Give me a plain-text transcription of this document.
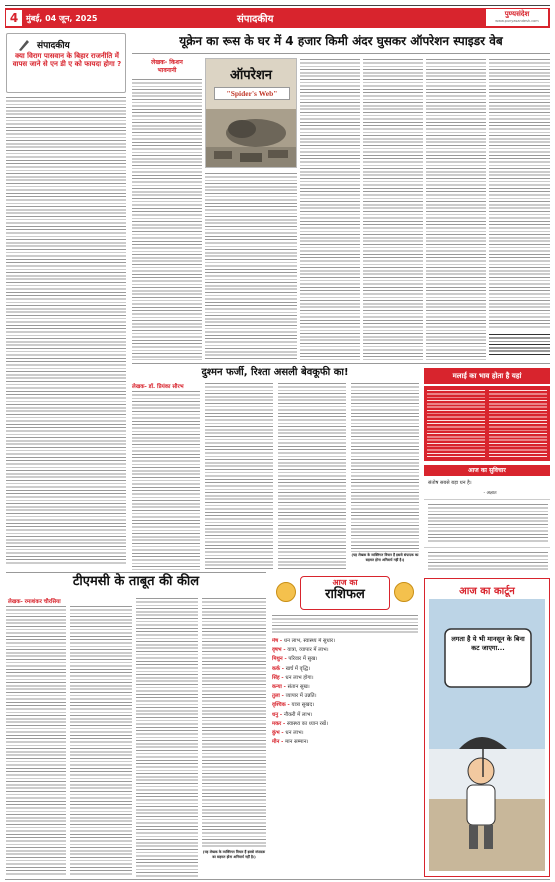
4 मुंबई, 04 जून, 2025	संपादकीय	पुण्यसंदेश
www.punyasandesh.com
संपादकीय
क्या विराग पासवान के बिहार राजनीति में वापस जाने से एन डी ए को फायदा होगा ?
यूक्रेन का रूस के घर में 4 हजार किमी अंदर घुसकर ऑपरेशन स्पाइडर वेब
लेखक- किशन
भावनानी	ऑपरेशन
"Spider's Web"
दुश्मन फर्जी, रिश्ता असली बेवकूफी का!
लेखक- डॉ. प्रियंका सौरभ
(यह लेखक के व्यक्तिगत विचार हैं इससे संपादक का सहमत होना अनिवार्य नहीं है।)
मलाई का भाव होता है यहां
आज का सुविचार
संतोष सबसे बड़ा धन है।
- अज्ञात
टीएमसी के ताबूत की कील
लेखक- रमाशंकर चौरसिया
(यह लेखक के व्यक्तिगत विचार हैं इससे संपादक का सहमत होना अनिवार्य नहीं है।)
आज का
राशिफल
मेष - धन लाभ, स्वास्थ्य में सुधार।
वृषभ - यात्रा, व्यापार में लाभ।
मिथुन - परिवार में सुख।
कर्क - खर्च में वृद्धि।
सिंह - धन लाभ होगा।
कन्या - संतान सुख।
तुला - व्यापार में उन्नति।
वृश्चिक - यात्रा सुखद।
धनु - नौकरी में लाभ।
मकर - स्वास्थ्य का ध्यान रखें।
कुंभ - धन लाभ।
मीन - मान सम्मान।
आज का कार्टून
लगता है ये भी मानसून के बिना कट जाएगा...
